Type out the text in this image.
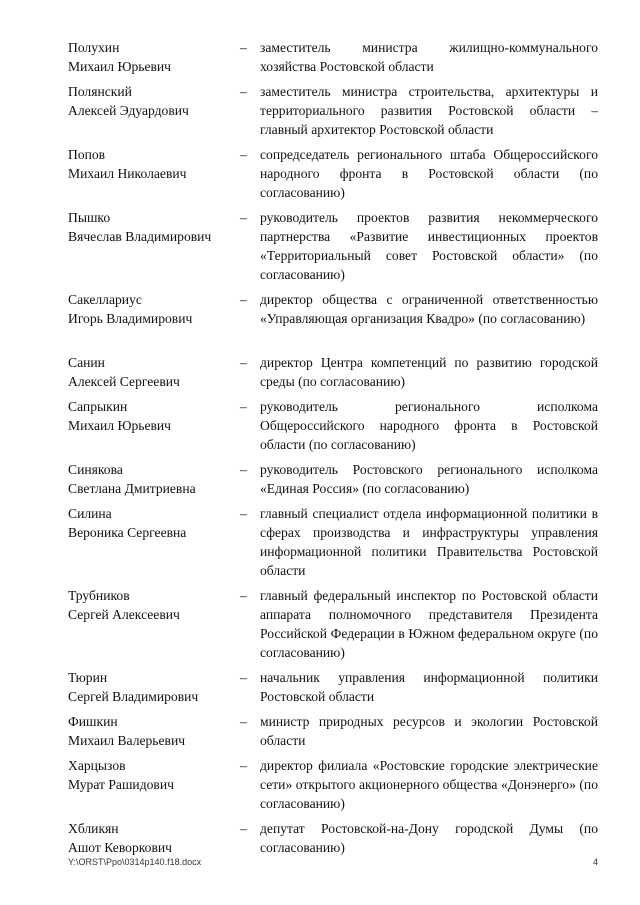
Полухин
Михаил Юрьевич
– заместитель министра жилищно-коммунального хозяйства Ростовской области
Полянский
Алексей Эдуардович
– заместитель министра строительства, архитектуры и территориального развития Ростовской области – главный архитектор Ростовской области
Попов
Михаил Николаевич
– сопредседатель регионального штаба Общероссийского народного фронта в Ростовской области (по согласованию)
Пышко
Вячеслав Владимирович
– руководитель проектов развития некоммерческого партнерства «Развитие инвестиционных проектов «Территориальный совет Ростовской области» (по согласованию)
Сакеллариус
Игорь Владимирович
– директор общества с ограниченной ответственностью «Управляющая организация Квадро» (по согласованию)
Санин
Алексей Сергеевич
– директор Центра компетенций по развитию городской среды (по согласованию)
Сапрыкин
Михаил Юрьевич
– руководитель регионального исполкома Общероссийского народного фронта в Ростовской области (по согласованию)
Синякова
Светлана Дмитриевна
– руководитель Ростовского регионального исполкома «Единая Россия» (по согласованию)
Силина
Вероника Сергеевна
– главный специалист отдела информационной политики в сферах производства и инфраструктуры управления информационной политики Правительства Ростовской области
Трубников
Сергей Алексеевич
– главный федеральный инспектор по Ростовской области аппарата полномочного представителя Президента Российской Федерации в Южном федеральном округе (по согласованию)
Тюрин
Сергей Владимирович
– начальник управления информационной политики Ростовской области
Фишкин
Михаил Валерьевич
– министр природных ресурсов и экологии Ростовской области
Харцызов
Мурат Рашидович
– директор филиала «Ростовские городские электрические сети» открытого акционерного общества «Донэнерго» (по согласованию)
Хбликян
Ашот Кеворкович
– депутат Ростовской-на-Дону городской Думы (по согласованию)
Y:\ORST\Ppo\0314p140.f18.docx	4
